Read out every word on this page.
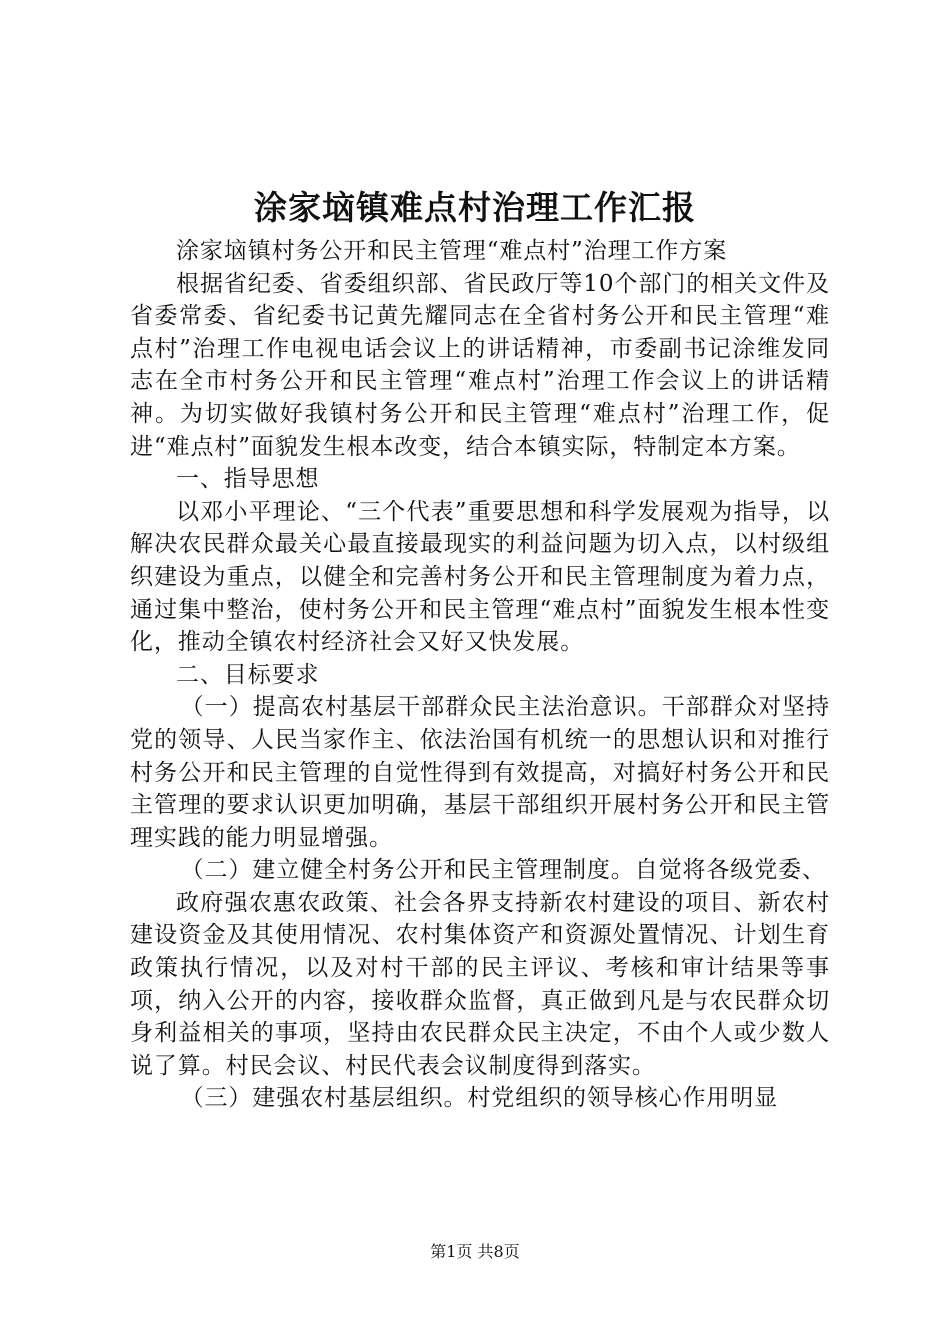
涂家垴镇难点村治理工作汇报

涂家垴镇村务公开和民主管理“难点村”治理工作方案

根据省纪委、省委组织部、省民政厅等10个部门的相关文件及省委常委、省纪委书记黄先耀同志在全省村务公开和民主管理“难点村”治理工作电视电话会议上的讲话精神，市委副书记涂维发同志在全市村务公开和民主管理“难点村”治理工作会议上的讲话精神。为切实做好我镇村务公开和民主管理“难点村”治理工作，促进“难点村”面貌发生根本改变，结合本镇实际，特制定本方案。

一、指导思想

以邓小平理论、“三个代表”重要思想和科学发展观为指导，以解决农民群众最关心最直接最现实的利益问题为切入点，以村级组织建设为重点，以健全和完善村务公开和民主管理制度为着力点，通过集中整治，使村务公开和民主管理“难点村”面貌发生根本性变化，推动全镇农村经济社会又好又快发展。

二、目标要求

（一）提高农村基层干部群众民主法治意识。干部群众对坚持党的领导、人民当家作主、依法治国有机统一的思想认识和对推行村务公开和民主管理的自觉性得到有效提高，对搞好村务公开和民主管理的要求认识更加明确，基层干部组织开展村务公开和民主管理实践的能力明显增强。

（二）建立健全村务公开和民主管理制度。自觉将各级党委、

政府强农惠农政策、社会各界支持新农村建设的项目、新农村建设资金及其使用情况、农村集体资产和资源处置情况、计划生育政策执行情况，以及对村干部的民主评议、考核和审计结果等事项，纳入公开的内容，接收群众监督，真正做到凡是与农民群众切身利益相关的事项，坚持由农民群众民主决定，不由个人或少数人说了算。村民会议、村民代表会议制度得到落实。

（三）建强农村基层组织。村党组织的领导核心作用明显

第1页 共8页
